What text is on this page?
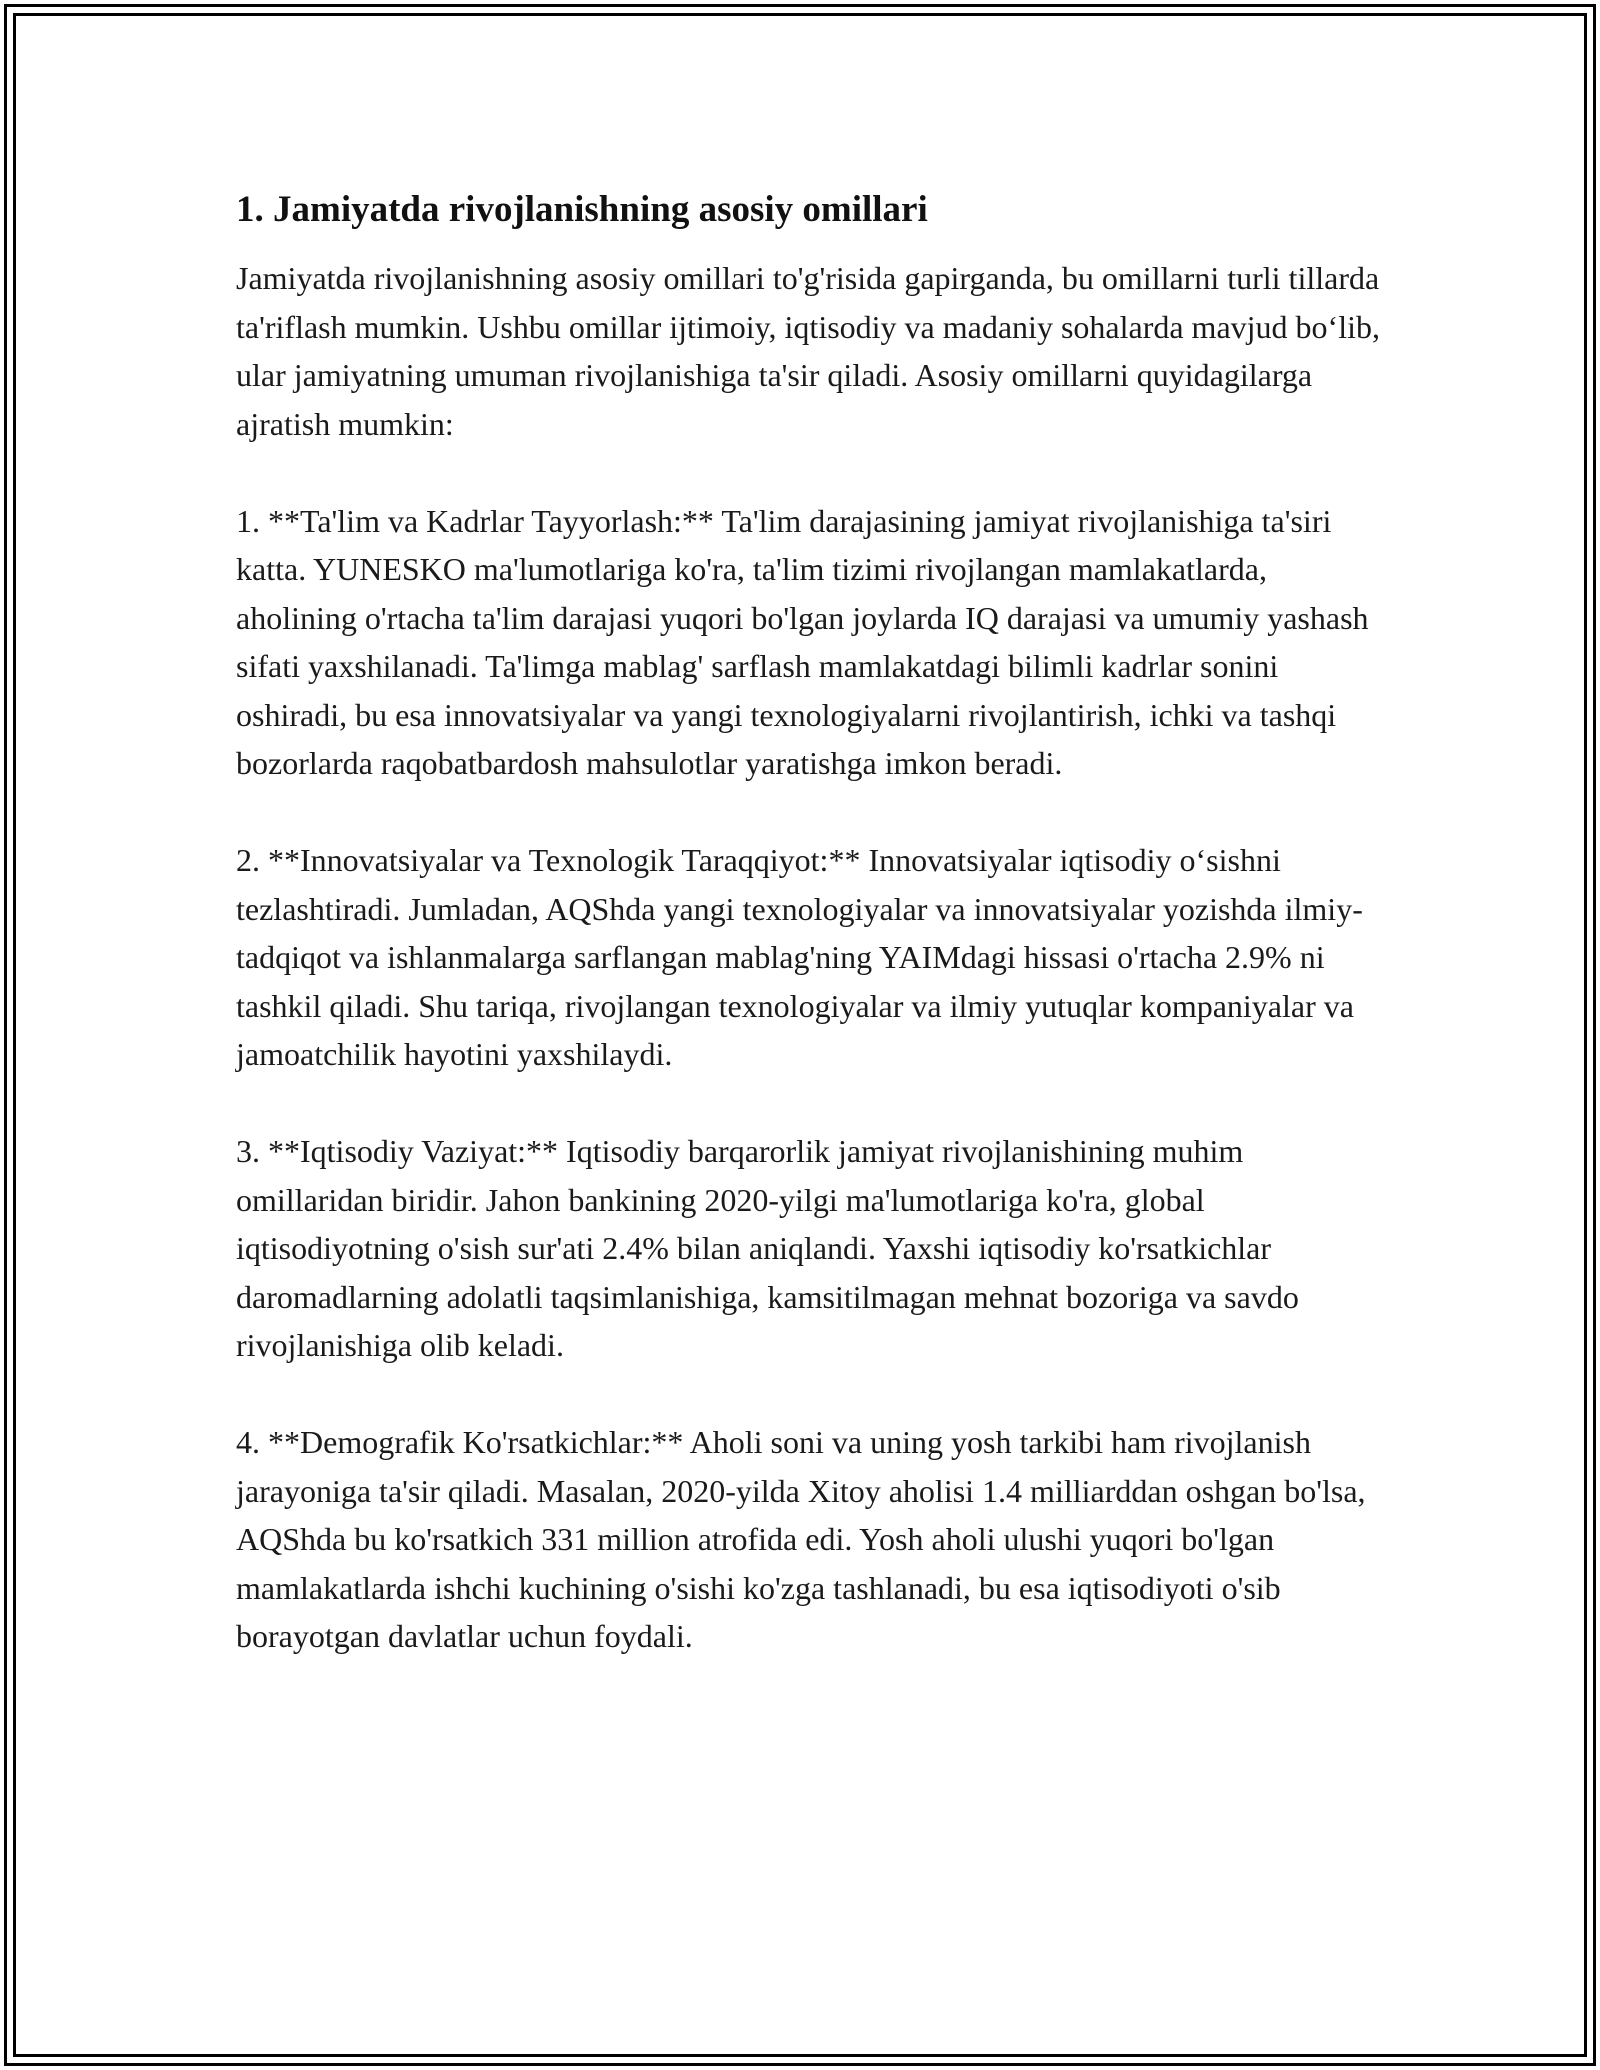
1. Jamiyatda rivojlanishning asosiy omillari

Jamiyatda rivojlanishning asosiy omillari to'g'risida gapirganda, bu omillarni turli tillarda ta'riflash mumkin. Ushbu omillar ijtimoiy, iqtisodiy va madaniy sohalarda mavjud bo‘lib, ular jamiyatning umuman rivojlanishiga ta'sir qiladi. Asosiy omillarni quyidagilarga ajratish mumkin:

1. **Ta'lim va Kadrlar Tayyorlash:** Ta'lim darajasining jamiyat rivojlanishiga ta'siri katta. YUNESKO ma'lumotlariga ko'ra, ta'lim tizimi rivojlangan mamlakatlarda, aholining o'rtacha ta'lim darajasi yuqori bo'lgan joylarda IQ darajasi va umumiy yashash sifati yaxshilanadi. Ta'limga mablag' sarflash mamlakatdagi bilimli kadrlar sonini oshiradi, bu esa innovatsiyalar va yangi texnologiyalarni rivojlantirish, ichki va tashqi bozorlarda raqobatbardosh mahsulotlar yaratishga imkon beradi.

2. **Innovatsiyalar va Texnologik Taraqqiyot:** Innovatsiyalar iqtisodiy o‘sishni tezlashtiradi. Jumladan, AQShda yangi texnologiyalar va innovatsiyalar yozishda ilmiy-tadqiqot va ishlanmalarga sarflangan mablag'ning YAIMdagi hissasi o'rtacha 2.9% ni tashkil qiladi. Shu tariqa, rivojlangan texnologiyalar va ilmiy yutuqlar kompaniyalar va jamoatchilik hayotini yaxshilaydi.

3. **Iqtisodiy Vaziyat:** Iqtisodiy barqarorlik jamiyat rivojlanishining muhim omillaridan biridir. Jahon bankining 2020-yilgi ma'lumotlariga ko'ra, global iqtisodiyotning o'sish sur'ati 2.4% bilan aniqlandi. Yaxshi iqtisodiy ko'rsatkichlar daromadlarning adolatli taqsimlanishiga, kamsitilmagan mehnat bozoriga va savdo rivojlanishiga olib keladi.

4. **Demografik Ko'rsatkichlar:** Aholi soni va uning yosh tarkibi ham rivojlanish jarayoniga ta'sir qiladi. Masalan, 2020-yilda Xitoy aholisi 1.4 milliarddan oshgan bo'lsa, AQShda bu ko'rsatkich 331 million atrofida edi. Yosh aholi ulushi yuqori bo'lgan mamlakatlarda ishchi kuchining o'sishi ko'zga tashlanadi, bu esa iqtisodiyoti o'sib borayotgan davlatlar uchun foydali.
